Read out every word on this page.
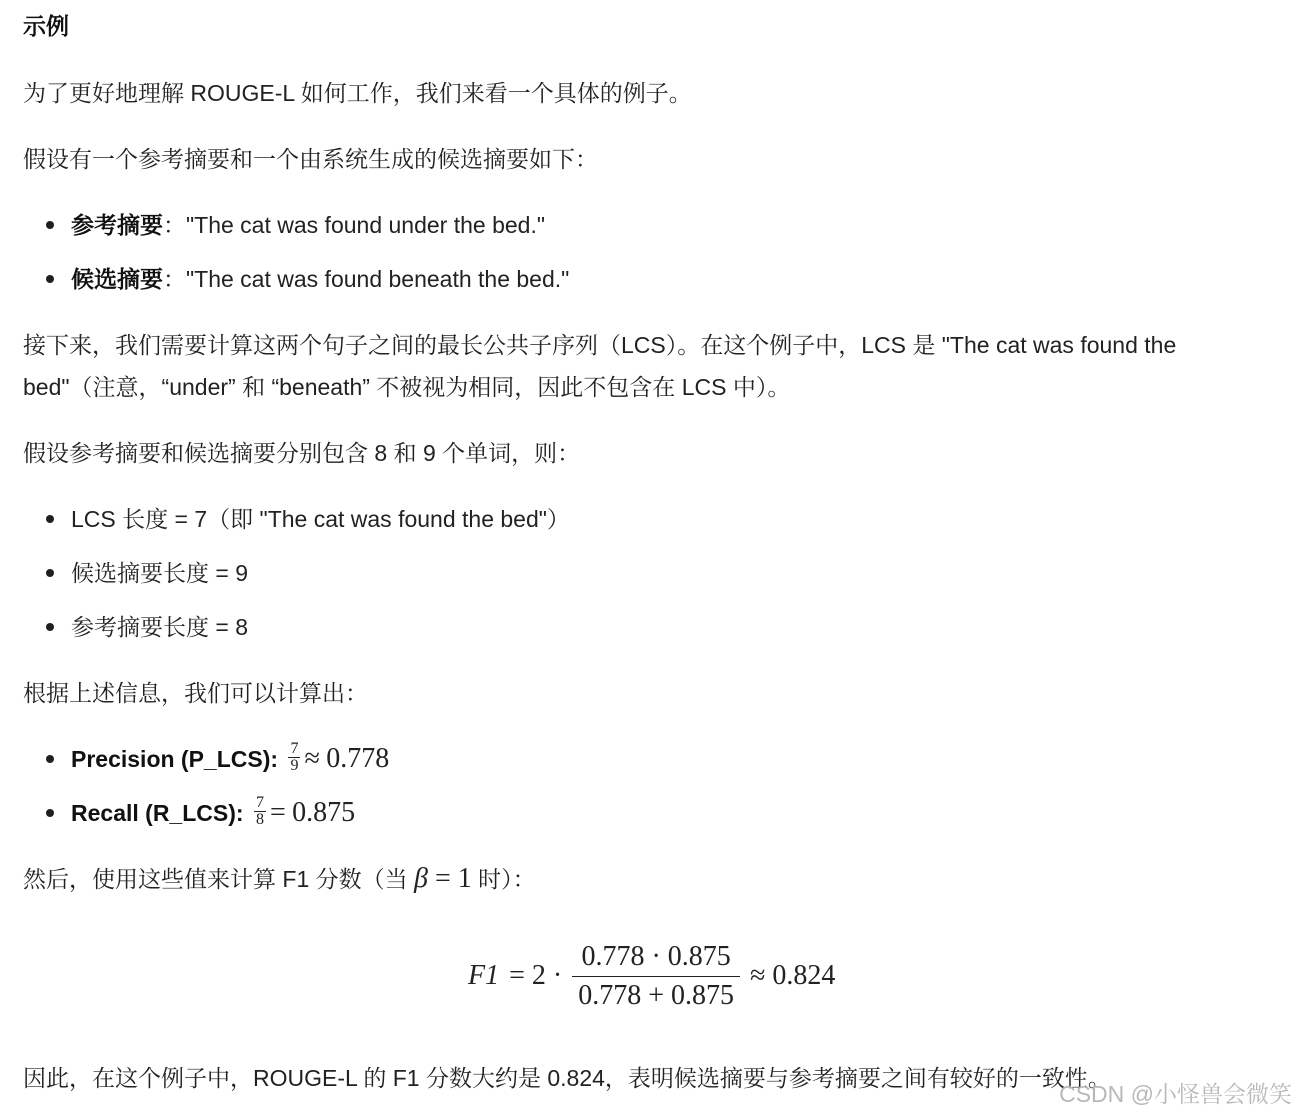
示例
为了更好地理解 ROUGE-L 如何工作，我们来看一个具体的例子。
假设有一个参考摘要和一个由系统生成的候选摘要如下：
参考摘要："The cat was found under the bed."
候选摘要："The cat was found beneath the bed."
接下来，我们需要计算这两个句子之间的最长公共子序列（LCS）。在这个例子中，LCS 是 "The cat was found the
bed"（注意，“under” 和 “beneath” 不被视为相同，因此不包含在 LCS 中）。
假设参考摘要和候选摘要分别包含 8 和 9 个单词，则：
LCS 长度 = 7（即 "The cat was found the bed"）
候选摘要长度 = 9
参考摘要长度 = 8
根据上述信息，我们可以计算出：
Precision (P_LCS): $\frac{7}{9} \approx 0.778$
Recall (R_LCS): $\frac{7}{8} = 0.875$
然后，使用这些值来计算 F1 分数（当 β = 1 时）：
$F1 = 2 \cdot \frac{0.778 \cdot 0.875}{0.778 + 0.875} \approx 0.824$
因此，在这个例子中，ROUGE-L 的 F1 分数大约是 0.824，表明候选摘要与参考摘要之间有较好的一致性。
CSDN @小怪兽会微笑
